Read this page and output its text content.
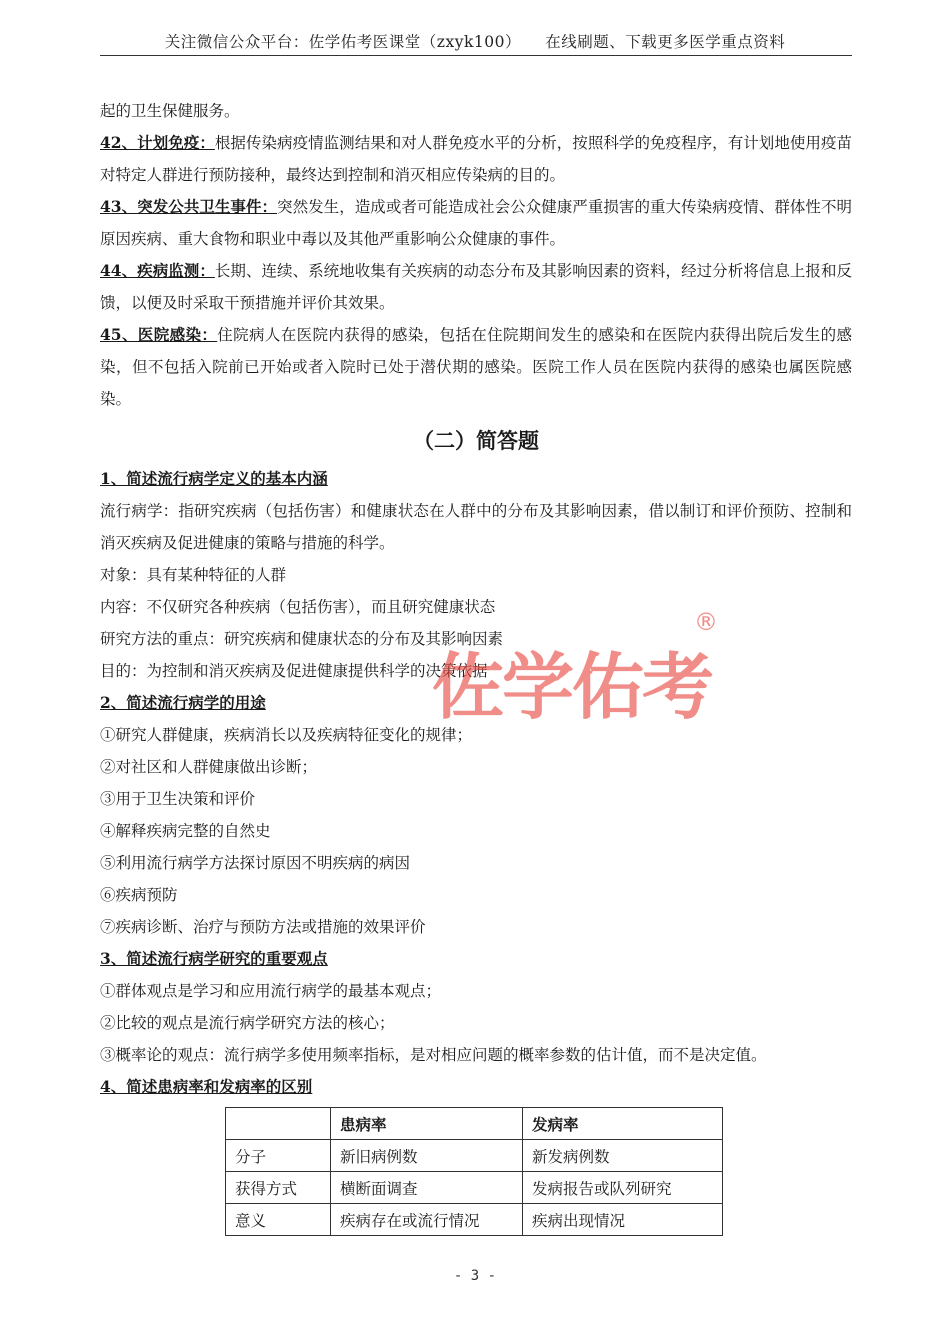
关注微信公众平台：佐学佑考医课堂（zxyk100）　　在线刷题、下载更多医学重点资料

起的卫生保健服务。

42、计划免疫：根据传染病疫情监测结果和对人群免疫水平的分析，按照科学的免疫程序，有计划地使用疫苗对特定人群进行预防接种，最终达到控制和消灭相应传染病的目的。

43、突发公共卫生事件：突然发生，造成或者可能造成社会公众健康严重损害的重大传染病疫情、群体性不明原因疾病、重大食物和职业中毒以及其他严重影响公众健康的事件。

44、疾病监测：长期、连续、系统地收集有关疾病的动态分布及其影响因素的资料，经过分析将信息上报和反馈，以便及时采取干预措施并评价其效果。

45、医院感染：住院病人在医院内获得的感染，包括在住院期间发生的感染和在医院内获得出院后发生的感染，但不包括入院前已开始或者入院时已处于潜伏期的感染。医院工作人员在医院内获得的感染也属医院感染。

（二）简答题

1、简述流行病学定义的基本内涵

流行病学：指研究疾病（包括伤害）和健康状态在人群中的分布及其影响因素，借以制订和评价预防、控制和消灭疾病及促进健康的策略与措施的科学。

对象：具有某种特征的人群

内容：不仅研究各种疾病（包括伤害），而且研究健康状态

研究方法的重点：研究疾病和健康状态的分布及其影响因素

目的：为控制和消灭疾病及促进健康提供科学的决策依据

2、简述流行病学的用途

①研究人群健康，疾病消长以及疾病特征变化的规律；

②对社区和人群健康做出诊断；

③用于卫生决策和评价

④解释疾病完整的自然史

⑤利用流行病学方法探讨原因不明疾病的病因

⑥疾病预防

⑦疾病诊断、治疗与预防方法或措施的效果评价

3、简述流行病学研究的重要观点

①群体观点是学习和应用流行病学的最基本观点；

②比较的观点是流行病学研究方法的核心；

③概率论的观点：流行病学多使用频率指标，是对相应问题的概率参数的估计值，而不是决定值。

4、简述患病率和发病率的区别

	患病率	发病率
分子	新旧病例数	新发病例数
获得方式	横断面调查	发病报告或队列研究
意义	疾病存在或流行情况	疾病出现情况
佐学佑考
®
- 3 -
